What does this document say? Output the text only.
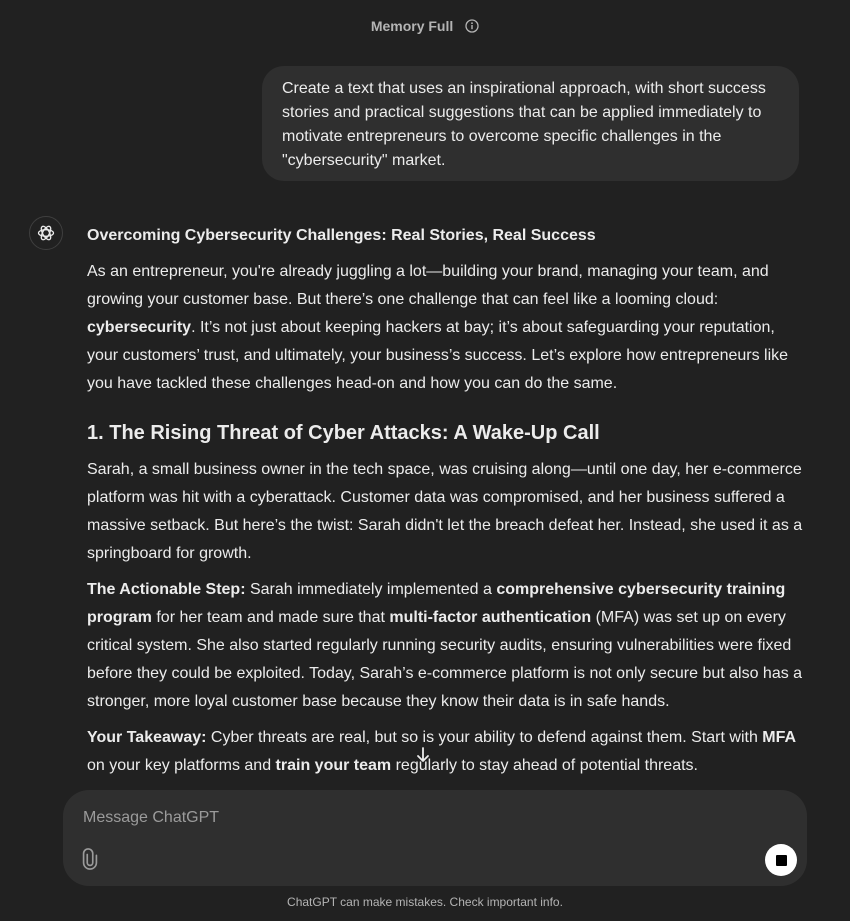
Memory Full
Create a text that uses an inspirational approach, with short success stories and practical suggestions that can be applied immediately to motivate entrepreneurs to overcome specific challenges in the "cybersecurity" market.

Overcoming Cybersecurity Challenges: Real Stories, Real Success

As an entrepreneur, you're already juggling a lot—building your brand, managing your team, and growing your customer base. But there’s one challenge that can feel like a looming cloud: cybersecurity. It’s not just about keeping hackers at bay; it’s about safeguarding your reputation, your customers’ trust, and ultimately, your business’s success. Let’s explore how entrepreneurs like you have tackled these challenges head-on and how you can do the same.

1. The Rising Threat of Cyber Attacks: A Wake-Up Call

Sarah, a small business owner in the tech space, was cruising along—until one day, her e-commerce platform was hit with a cyberattack. Customer data was compromised, and her business suffered a massive setback. But here’s the twist: Sarah didn't let the breach defeat her. Instead, she used it as a springboard for growth.

The Actionable Step: Sarah immediately implemented a comprehensive cybersecurity training program for her team and made sure that multi-factor authentication (MFA) was set up on every critical system. She also started regularly running security audits, ensuring vulnerabilities were fixed before they could be exploited. Today, Sarah’s e-commerce platform is not only secure but also has a stronger, more loyal customer base because they know their data is in safe hands.

Your Takeaway: Cyber threats are real, but so is your ability to defend against them. Start with MFA on your key platforms and train your team regularly to stay ahead of potential threats.

Message ChatGPT
ChatGPT can make mistakes. Check important info.
